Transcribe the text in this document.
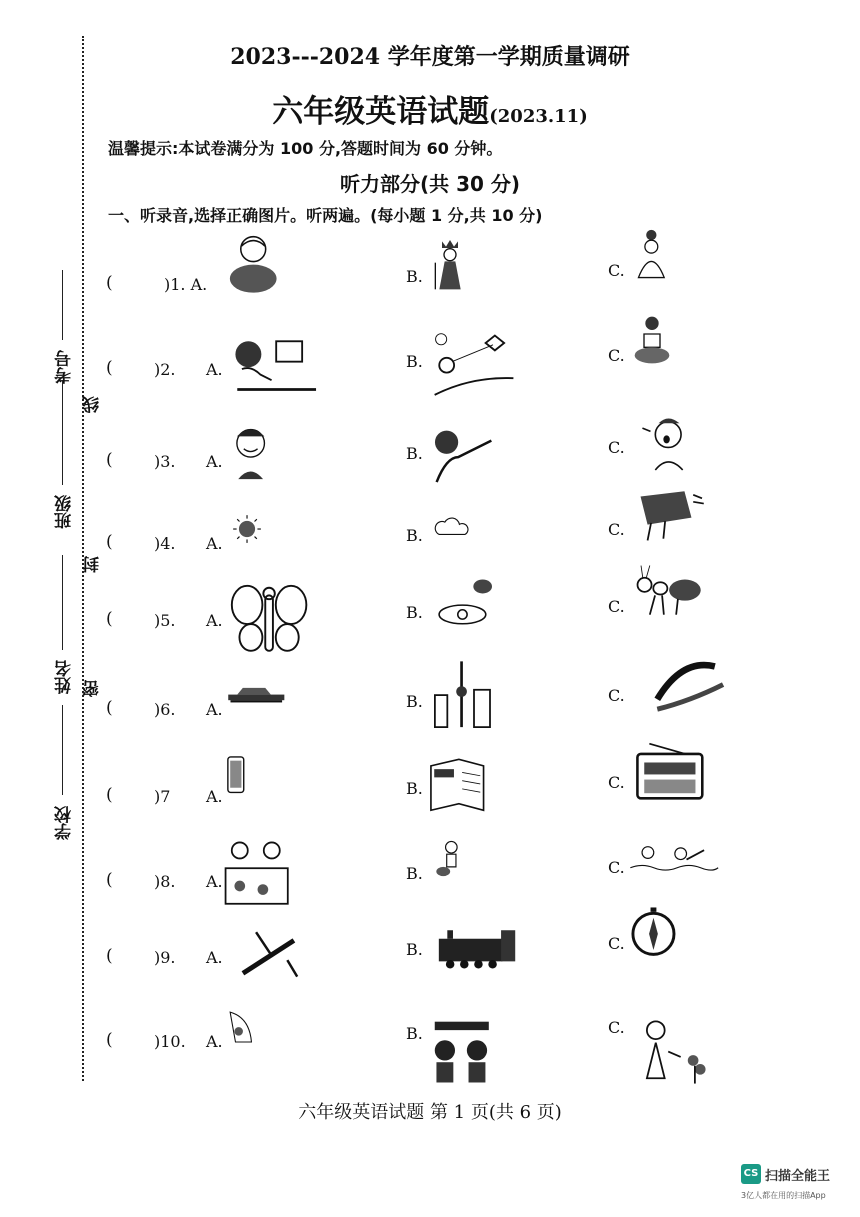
考号
线
班级
封
姓名 密
学校
2023---2024 学年度第一学期质量调研
六年级英语试题(2023.11)
温馨提示:本试卷满分为 100 分,答题时间为 60 分钟。
听力部分(共 30 分)
一、听录音,选择正确图片。听两遍。(每小题 1 分,共 10 分)
(	)1. A.	B.	C.
(	)2. A.	B.	C.
(	)3. A.	B.	C.
(	)4. A.	B.	C.
(	)5. A.	B.	C.
(	)6. A.	B.	C.
(	)7 A.	B.	C.
(	)8. A.	B.	C.
(	)9. A.	B.	C.
(	)10. A.	B.	C.
六年级英语试题 第 1 页(共 6 页)
CS 扫描全能王
3亿人都在用的扫描App
